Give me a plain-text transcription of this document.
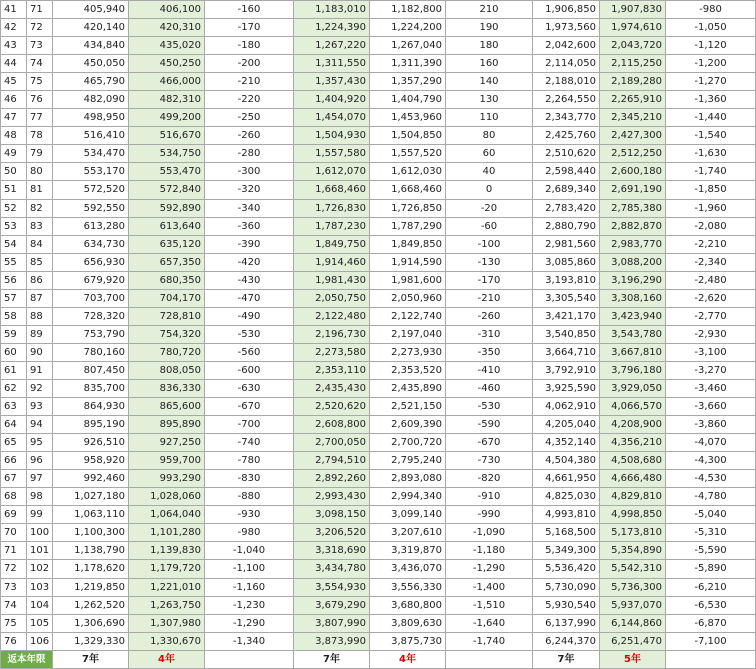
41	71	405,940	406,100	-160	1,183,010	1,182,800	210	1,906,850	1,907,830	-980
42	72	420,140	420,310	-170	1,224,390	1,224,200	190	1,973,560	1,974,610	-1,050
43	73	434,840	435,020	-180	1,267,220	1,267,040	180	2,042,600	2,043,720	-1,120
44	74	450,050	450,250	-200	1,311,550	1,311,390	160	2,114,050	2,115,250	-1,200
45	75	465,790	466,000	-210	1,357,430	1,357,290	140	2,188,010	2,189,280	-1,270
46	76	482,090	482,310	-220	1,404,920	1,404,790	130	2,264,550	2,265,910	-1,360
47	77	498,950	499,200	-250	1,454,070	1,453,960	110	2,343,770	2,345,210	-1,440
48	78	516,410	516,670	-260	1,504,930	1,504,850	80	2,425,760	2,427,300	-1,540
49	79	534,470	534,750	-280	1,557,580	1,557,520	60	2,510,620	2,512,250	-1,630
50	80	553,170	553,470	-300	1,612,070	1,612,030	40	2,598,440	2,600,180	-1,740
51	81	572,520	572,840	-320	1,668,460	1,668,460	0	2,689,340	2,691,190	-1,850
52	82	592,550	592,890	-340	1,726,830	1,726,850	-20	2,783,420	2,785,380	-1,960
53	83	613,280	613,640	-360	1,787,230	1,787,290	-60	2,880,790	2,882,870	-2,080
54	84	634,730	635,120	-390	1,849,750	1,849,850	-100	2,981,560	2,983,770	-2,210
55	85	656,930	657,350	-420	1,914,460	1,914,590	-130	3,085,860	3,088,200	-2,340
56	86	679,920	680,350	-430	1,981,430	1,981,600	-170	3,193,810	3,196,290	-2,480
57	87	703,700	704,170	-470	2,050,750	2,050,960	-210	3,305,540	3,308,160	-2,620
58	88	728,320	728,810	-490	2,122,480	2,122,740	-260	3,421,170	3,423,940	-2,770
59	89	753,790	754,320	-530	2,196,730	2,197,040	-310	3,540,850	3,543,780	-2,930
60	90	780,160	780,720	-560	2,273,580	2,273,930	-350	3,664,710	3,667,810	-3,100
61	91	807,450	808,050	-600	2,353,110	2,353,520	-410	3,792,910	3,796,180	-3,270
62	92	835,700	836,330	-630	2,435,430	2,435,890	-460	3,925,590	3,929,050	-3,460
63	93	864,930	865,600	-670	2,520,620	2,521,150	-530	4,062,910	4,066,570	-3,660
64	94	895,190	895,890	-700	2,608,800	2,609,390	-590	4,205,040	4,208,900	-3,860
65	95	926,510	927,250	-740	2,700,050	2,700,720	-670	4,352,140	4,356,210	-4,070
66	96	958,920	959,700	-780	2,794,510	2,795,240	-730	4,504,380	4,508,680	-4,300
67	97	992,460	993,290	-830	2,892,260	2,893,080	-820	4,661,950	4,666,480	-4,530
68	98	1,027,180	1,028,060	-880	2,993,430	2,994,340	-910	4,825,030	4,829,810	-4,780
69	99	1,063,110	1,064,040	-930	3,098,150	3,099,140	-990	4,993,810	4,998,850	-5,040
70	100	1,100,300	1,101,280	-980	3,206,520	3,207,610	-1,090	5,168,500	5,173,810	-5,310
71	101	1,138,790	1,139,830	-1,040	3,318,690	3,319,870	-1,180	5,349,300	5,354,890	-5,590
72	102	1,178,620	1,179,720	-1,100	3,434,780	3,436,070	-1,290	5,536,420	5,542,310	-5,890
73	103	1,219,850	1,221,010	-1,160	3,554,930	3,556,330	-1,400	5,730,090	5,736,300	-6,210
74	104	1,262,520	1,263,750	-1,230	3,679,290	3,680,800	-1,510	5,930,540	5,937,070	-6,530
75	105	1,306,690	1,307,980	-1,290	3,807,990	3,809,630	-1,640	6,137,990	6,144,860	-6,870
76	106	1,329,330	1,330,670	-1,340	3,873,990	3,875,730	-1,740	6,244,370	6,251,470	-7,100
返本年限		7年	4年		7年	4年		7年	5年	
